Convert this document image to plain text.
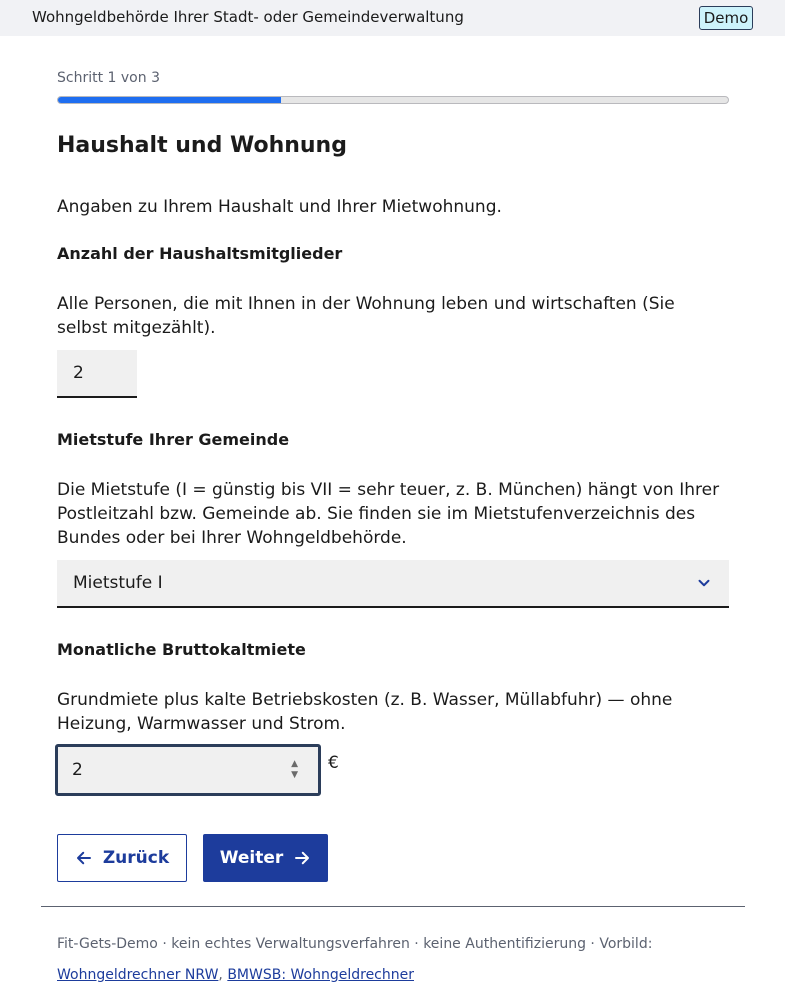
Wohngeldbehörde Ihrer Stadt- oder Gemeindeverwaltung	Demo
Schritt 1 von 3
Haushalt und Wohnung
Angaben zu Ihrem Haushalt und Ihrer Mietwohnung.
Anzahl der Haushaltsmitglieder
Alle Personen, die mit Ihnen in der Wohnung leben und wirtschaften (Sie selbst mitgezählt).
2
Mietstufe Ihrer Gemeinde
Die Mietstufe (I = günstig bis VII = sehr teuer, z. B. München) hängt von Ihrer Postleitzahl bzw. Gemeinde ab. Sie finden sie im Mietstufenverzeichnis des Bundes oder bei Ihrer Wohngeldbehörde.
Mietstufe I
Monatliche Bruttokaltmiete
Grundmiete plus kalte Betriebskosten (z. B. Wasser, Müllabfuhr) — ohne Heizung, Warmwasser und Strom.
2	▲
▼
€
Zurück	Weiter
Fit-Gets-Demo · kein echtes Verwaltungsverfahren · keine Authentifizierung · Vorbild:
Wohngeldrechner NRW, BMWSB: Wohngeldrechner
